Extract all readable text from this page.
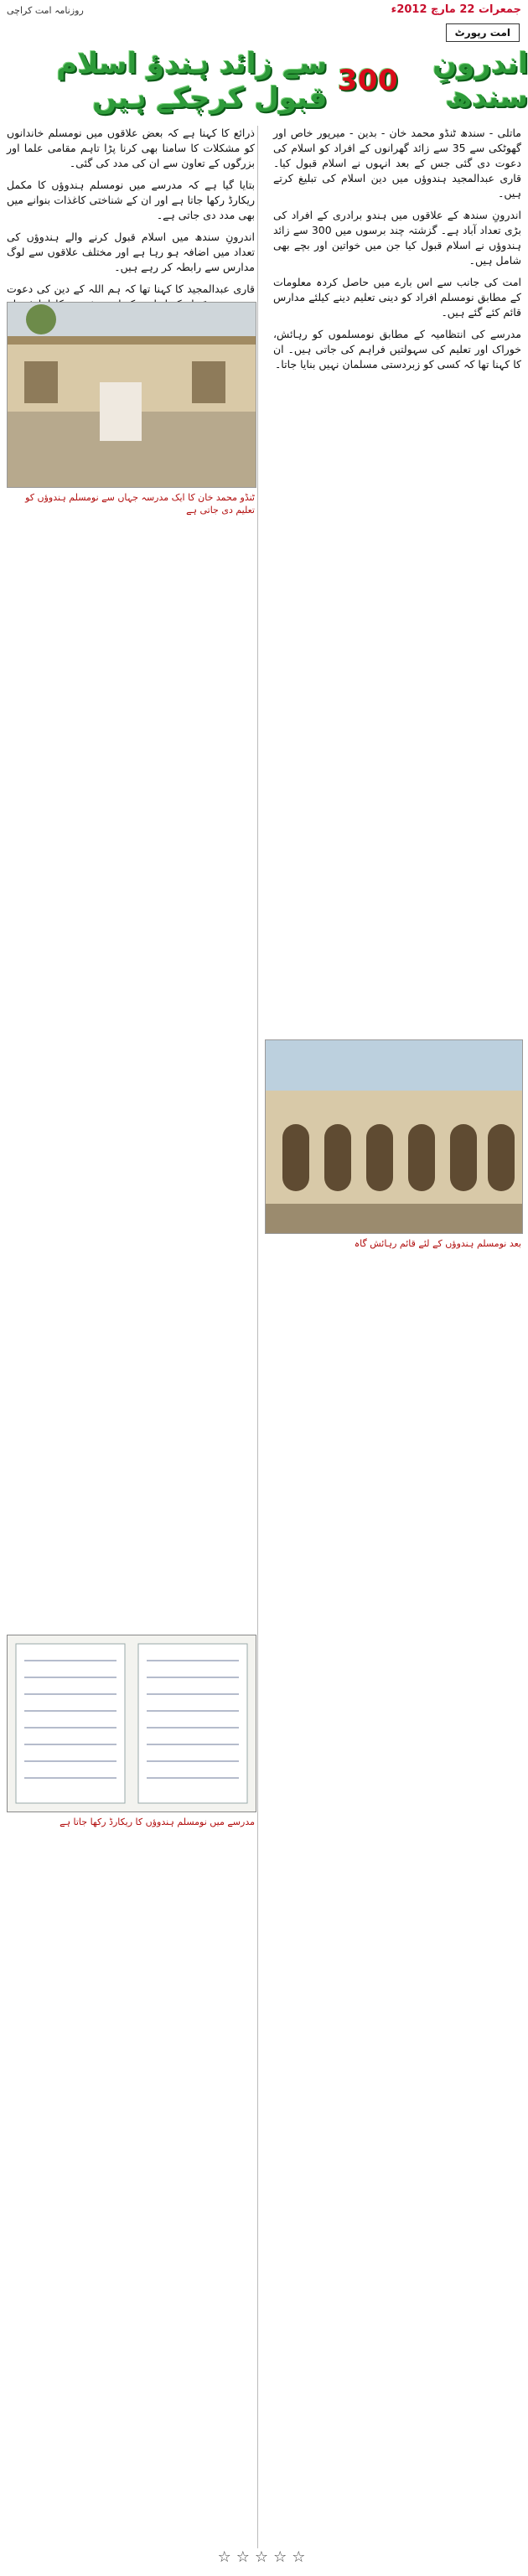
جمعرات 22 مارچ 2012ء
روزنامہ امت کراچی
امت رپورٹ
اندرونِ سندھ

300

سے زائد ہندؤ اسلام قبول کرچکے ہیں

ماتلی - سندھ ٹنڈو محمد خان - بدین - میرپور خاص اور گھوٹکی سے 35 سے زائد گھرانوں کے افراد کو اسلام کی دعوت دی گئی جس کے بعد انہوں نے اسلام قبول کیا۔ قاری عبدالمجید ہندوؤں میں دین اسلام کی تبلیغ کرتے ہیں۔

اندرونِ سندھ کے علاقوں میں ہندو برادری کے افراد کی بڑی تعداد آباد ہے۔ گزشتہ چند برسوں میں 300 سے زائد ہندوؤں نے اسلام قبول کیا جن میں خواتین اور بچے بھی شامل ہیں۔

امت کی جانب سے اس بارے میں حاصل کردہ معلومات کے مطابق نومسلم افراد کو دینی تعلیم دینے کیلئے مدارس قائم کئے گئے ہیں۔

مدرسے کی انتظامیہ کے مطابق نومسلموں کو رہائش، خوراک اور تعلیم کی سہولتیں فراہم کی جاتی ہیں۔ ان کا کہنا تھا کہ کسی کو زبردستی مسلمان نہیں بنایا جاتا۔

ذرائع کا کہنا ہے کہ بعض علاقوں میں نومسلم خاندانوں کو مشکلات کا سامنا بھی کرنا پڑا تاہم مقامی علما اور بزرگوں کے تعاون سے ان کی مدد کی گئی۔

بتایا گیا ہے کہ مدرسے میں نومسلم ہندوؤں کا مکمل ریکارڈ رکھا جاتا ہے اور ان کے شناختی کاغذات بنوانے میں بھی مدد دی جاتی ہے۔

اندرونِ سندھ میں اسلام قبول کرنے والے ہندوؤں کی تعداد میں اضافہ ہو رہا ہے اور مختلف علاقوں سے لوگ مدارس سے رابطہ کر رہے ہیں۔

قاری عبدالمجید کا کہنا تھا کہ ہم اللہ کے دین کی دعوت

ٹنڈو محمد خان کا ایک مدرسہ جہاں سے نومسلم ہندوؤں کو تعلیم دی جاتی ہے
بعد نومسلم ہندوؤں کے لئے قائم رہائش گاہ
مدرسے میں نومسلم ہندوؤں کا ریکارڈ رکھا جاتا ہے
☆☆☆☆☆
